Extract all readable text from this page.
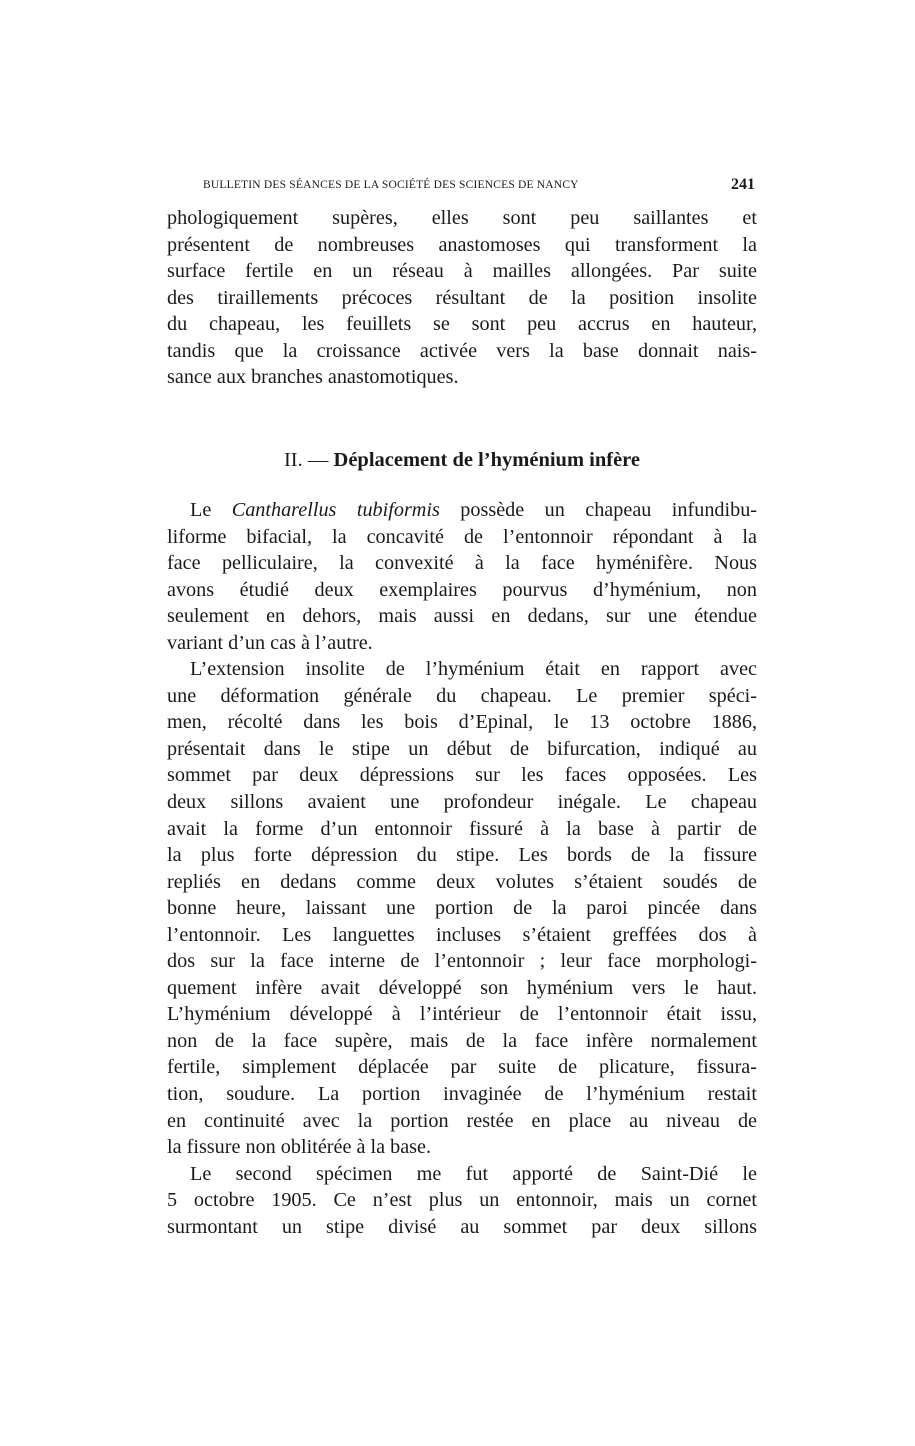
BULLETIN DES SÉANCES DE LA SOCIÉTÉ DES SCIENCES DE NANCY	241
phologiquement supères, elles sont peu saillantes et
présentent de nombreuses anastomoses qui transforment la
surface fertile en un réseau à mailles allongées. Par suite
des tiraillements précoces résultant de la position insolite
du chapeau, les feuillets se sont peu accrus en hauteur,
tandis que la croissance activée vers la base donnait nais-
sance aux branches anastomotiques.
II. — Déplacement de l’hyménium infère
Le Cantharellus tubiformis possède un chapeau infundibu-
liforme bifacial, la concavité de l’entonnoir répondant à la
face pelliculaire, la convexité à la face hyménifère. Nous
avons étudié deux exemplaires pourvus d’hyménium, non
seulement en dehors, mais aussi en dedans, sur une étendue
variant d’un cas à l’autre.
L’extension insolite de l’hyménium était en rapport avec
une déformation générale du chapeau. Le premier spéci-
men, récolté dans les bois d’Epinal, le 13 octobre 1886,
présentait dans le stipe un début de bifurcation, indiqué au
sommet par deux dépressions sur les faces opposées. Les
deux sillons avaient une profondeur inégale. Le chapeau
avait la forme d’un entonnoir fissuré à la base à partir de
la plus forte dépression du stipe. Les bords de la fissure
repliés en dedans comme deux volutes s’étaient soudés de
bonne heure, laissant une portion de la paroi pincée dans
l’entonnoir. Les languettes incluses s’étaient greffées dos à
dos sur la face interne de l’entonnoir ; leur face morphologi-
quement infère avait développé son hyménium vers le haut.
L’hyménium développé à l’intérieur de l’entonnoir était issu,
non de la face supère, mais de la face infère normalement
fertile, simplement déplacée par suite de plicature, fissura-
tion, soudure. La portion invaginée de l’hyménium restait
en continuité avec la portion restée en place au niveau de
la fissure non oblitérée à la base.
Le second spécimen me fut apporté de Saint-Dié le
5 octobre 1905. Ce n’est plus un entonnoir, mais un cornet
surmontant un stipe divisé au sommet par deux sillons
